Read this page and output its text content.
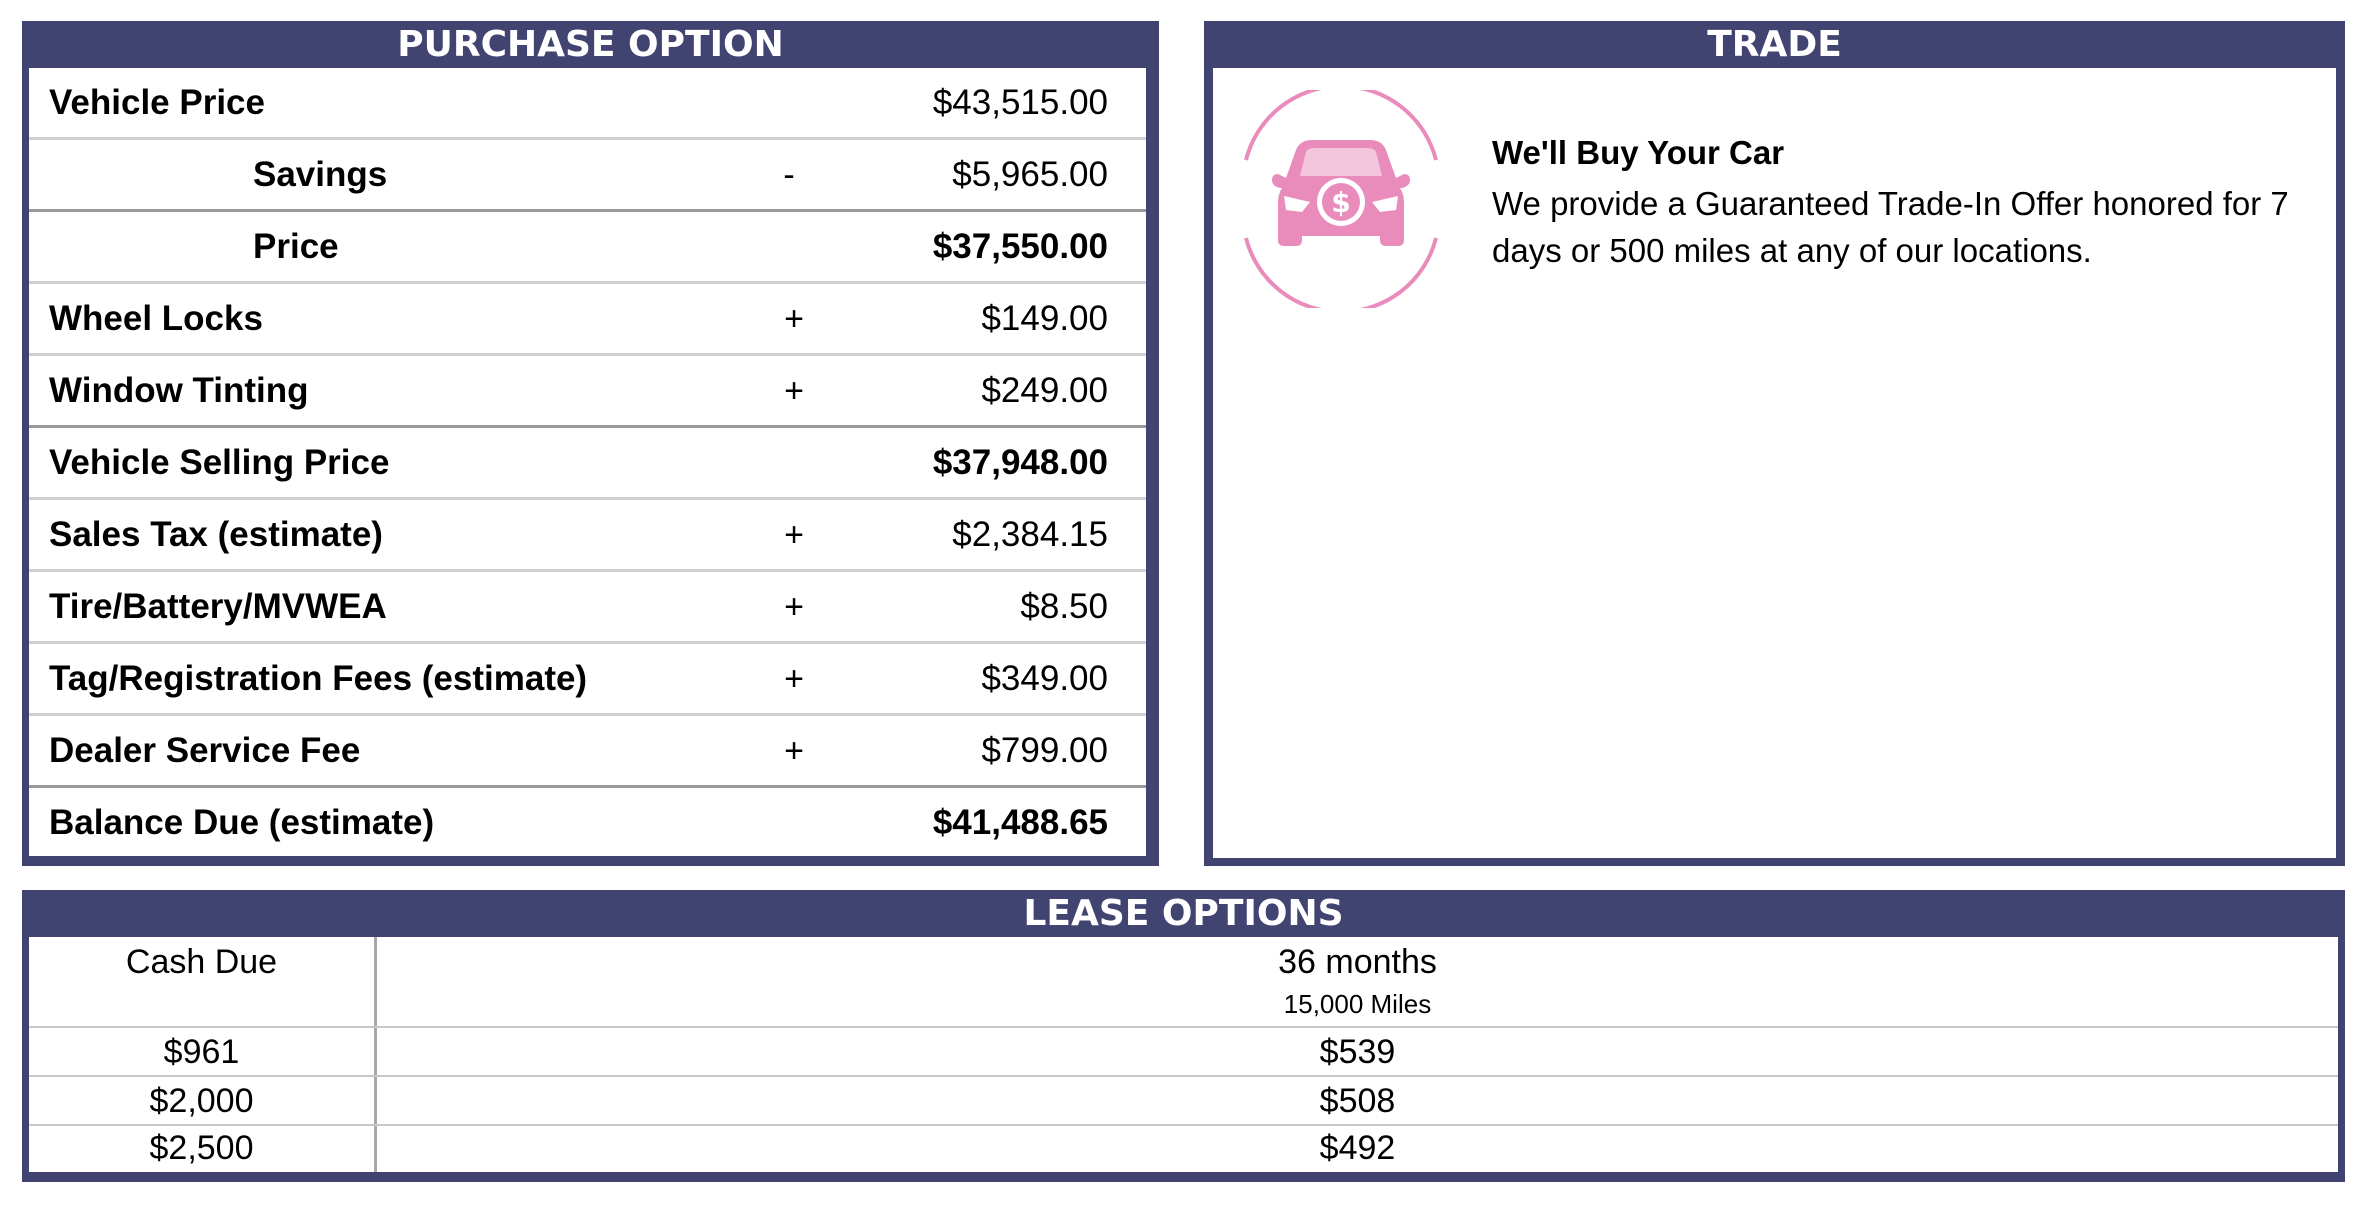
PURCHASE OPTION
Vehicle Price	$43,515.00
Savings	-	$5,965.00
Price	$37,550.00
Wheel Locks	+	$149.00
Window Tinting	+	$249.00
Vehicle Selling Price	$37,948.00
Sales Tax (estimate)	+	$2,384.15
Tire/Battery/MVWEA	+	$8.50
Tag/Registration Fees (estimate)	+	$349.00
Dealer Service Fee	+	$799.00
Balance Due (estimate)	$41,488.65
TRADE
$
We'll Buy Your Car
We provide a Guaranteed Trade-In Offer honored for 7 days or 500 miles at any of our locations.
LEASE OPTIONS
Cash Due	36 months
15,000 Miles
$961	$539
$2,000	$508
$2,500	$492
